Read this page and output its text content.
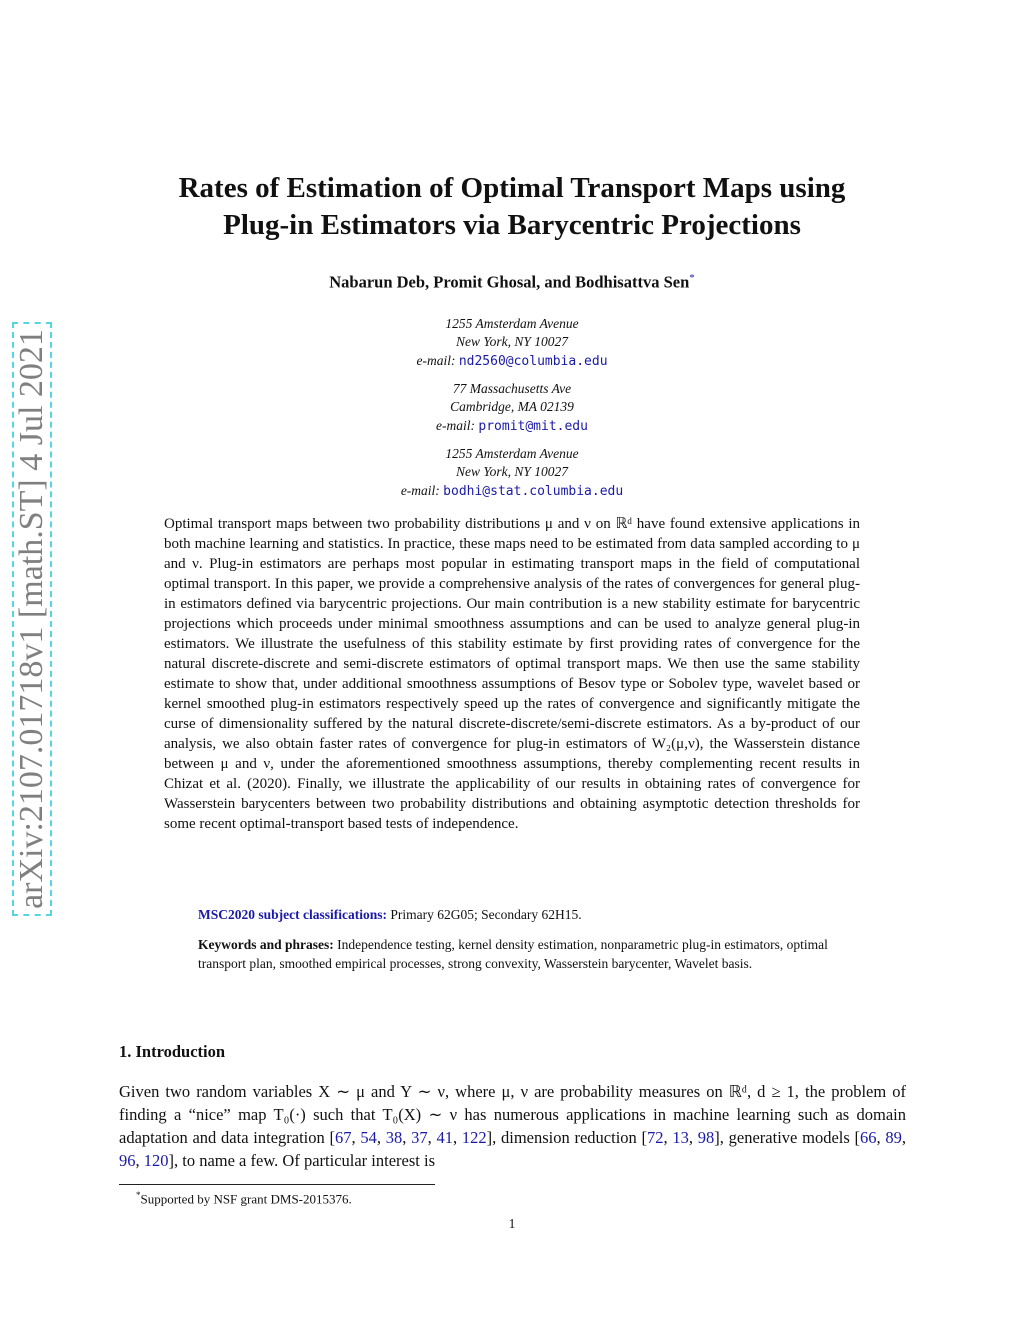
arXiv:2107.01718v1 [math.ST] 4 Jul 2021
Rates of Estimation of Optimal Transport Maps using
Plug-in Estimators via Barycentric Projections
Nabarun Deb, Promit Ghosal, and Bodhisattva Sen*
1255 Amsterdam Avenue
New York, NY 10027
e-mail: nd2560@columbia.edu
77 Massachusetts Ave
Cambridge, MA 02139
e-mail: promit@mit.edu
1255 Amsterdam Avenue
New York, NY 10027
e-mail: bodhi@stat.columbia.edu

Optimal transport maps between two probability distributions μ and ν on ℝᵈ have found extensive applications in both machine learning and statistics. In practice, these maps need to be estimated from data sampled according to μ and ν. Plug-in estimators are perhaps most popular in estimating transport maps in the field of computational optimal transport. In this paper, we provide a comprehensive analysis of the rates of convergences for general plug-in estimators defined via barycentric projections. Our main contribution is a new stability estimate for barycentric projections which proceeds under minimal smoothness assumptions and can be used to analyze general plug-in estimators. We illustrate the usefulness of this stability estimate by first providing rates of convergence for the natural discrete-discrete and semi-discrete estimators of optimal transport maps. We then use the same stability estimate to show that, under additional smoothness assumptions of Besov type or Sobolev type, wavelet based or kernel smoothed plug-in estimators respectively speed up the rates of convergence and significantly mitigate the curse of dimensionality suffered by the natural discrete-discrete/semi-discrete estimators. As a by-product of our analysis, we also obtain faster rates of convergence for plug-in estimators of W₂(μ,ν), the Wasserstein distance between μ and ν, under the aforementioned smoothness assumptions, thereby complementing recent results in Chizat et al. (2020). Finally, we illustrate the applicability of our results in obtaining rates of convergence for Wasserstein barycenters between two probability distributions and obtaining asymptotic detection thresholds for some recent optimal-transport based tests of independence.

MSC2020 subject classifications: Primary 62G05; Secondary 62H15.

Keywords and phrases: Independence testing, kernel density estimation, nonparametric plug-in estimators, optimal transport plan, smoothed empirical processes, strong convexity, Wasserstein barycenter, Wavelet basis.

1. Introduction

Given two random variables X ∼ μ and Y ∼ ν, where μ, ν are probability measures on ℝᵈ, d ≥ 1, the problem of finding a “nice” map T₀(·) such that T₀(X) ∼ ν has numerous applications in machine learning such as domain adaptation and data integration [67, 54, 38, 37, 41, 122], dimension reduction [72, 13, 98], generative models [66, 89, 96, 120], to name a few. Of particular interest is

*Supported by NSF grant DMS-2015376.
1
